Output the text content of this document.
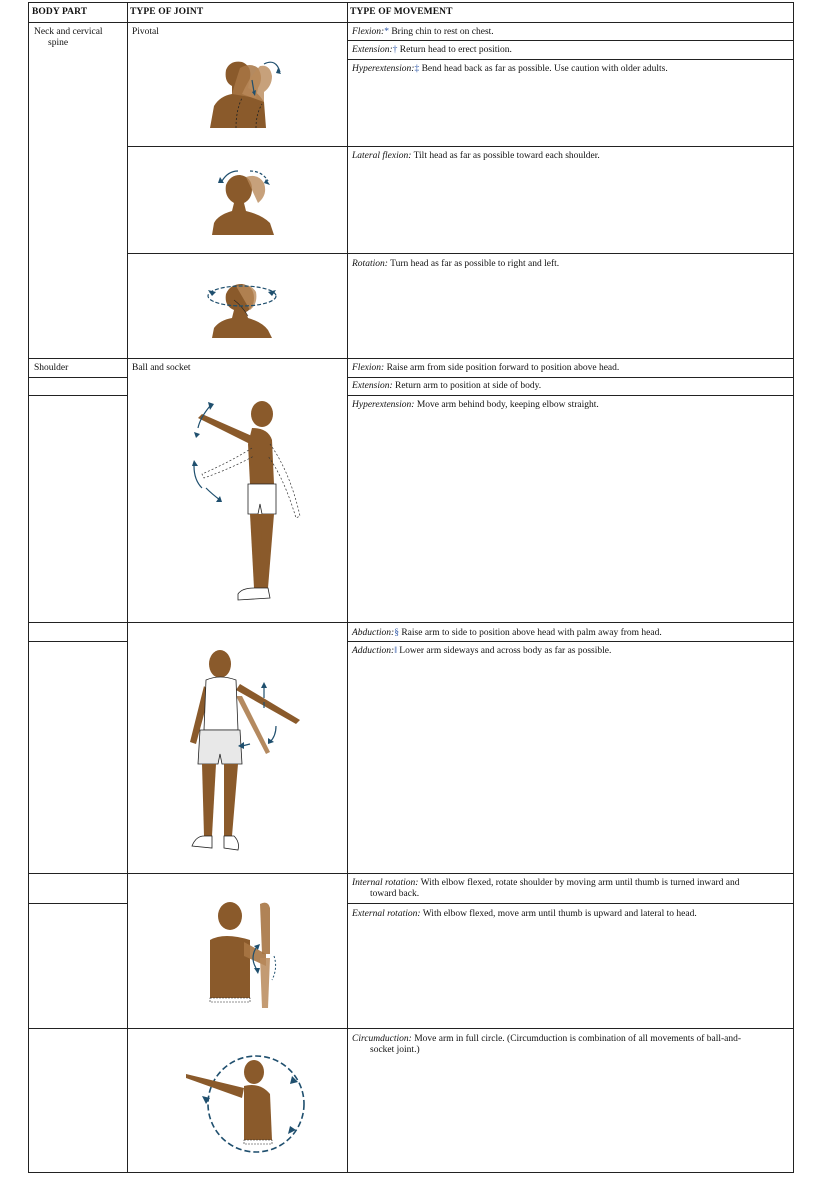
BODY PART	TYPE OF JOINT	TYPE OF MOVEMENT
Neck and cervical
spine
Pivotal	Flexion:* Bring chin to rest on chest.
Extension:† Return head to erect position.
Hyperextension:‡ Bend head back as far as possible. Use caution with older adults.
Lateral flexion: Tilt head as far as possible toward each shoulder.
Rotation: Turn head as far as possible to right and left.
Shoulder	Ball and socket	Flexion: Raise arm from side position forward to position above head.
Extension: Return arm to position at side of body.
Hyperextension: Move arm behind body, keeping elbow straight.
Abduction:§ Raise arm to side to position above head with palm away from head.
Adduction:‖ Lower arm sideways and across body as far as possible.
Internal rotation: With elbow flexed, rotate shoulder by moving arm until thumb is turned inward and
toward back.
External rotation: With elbow flexed, move arm until thumb is upward and lateral to head.
Circumduction: Move arm in full circle. (Circumduction is combination of all movements of ball-and-
socket joint.)
